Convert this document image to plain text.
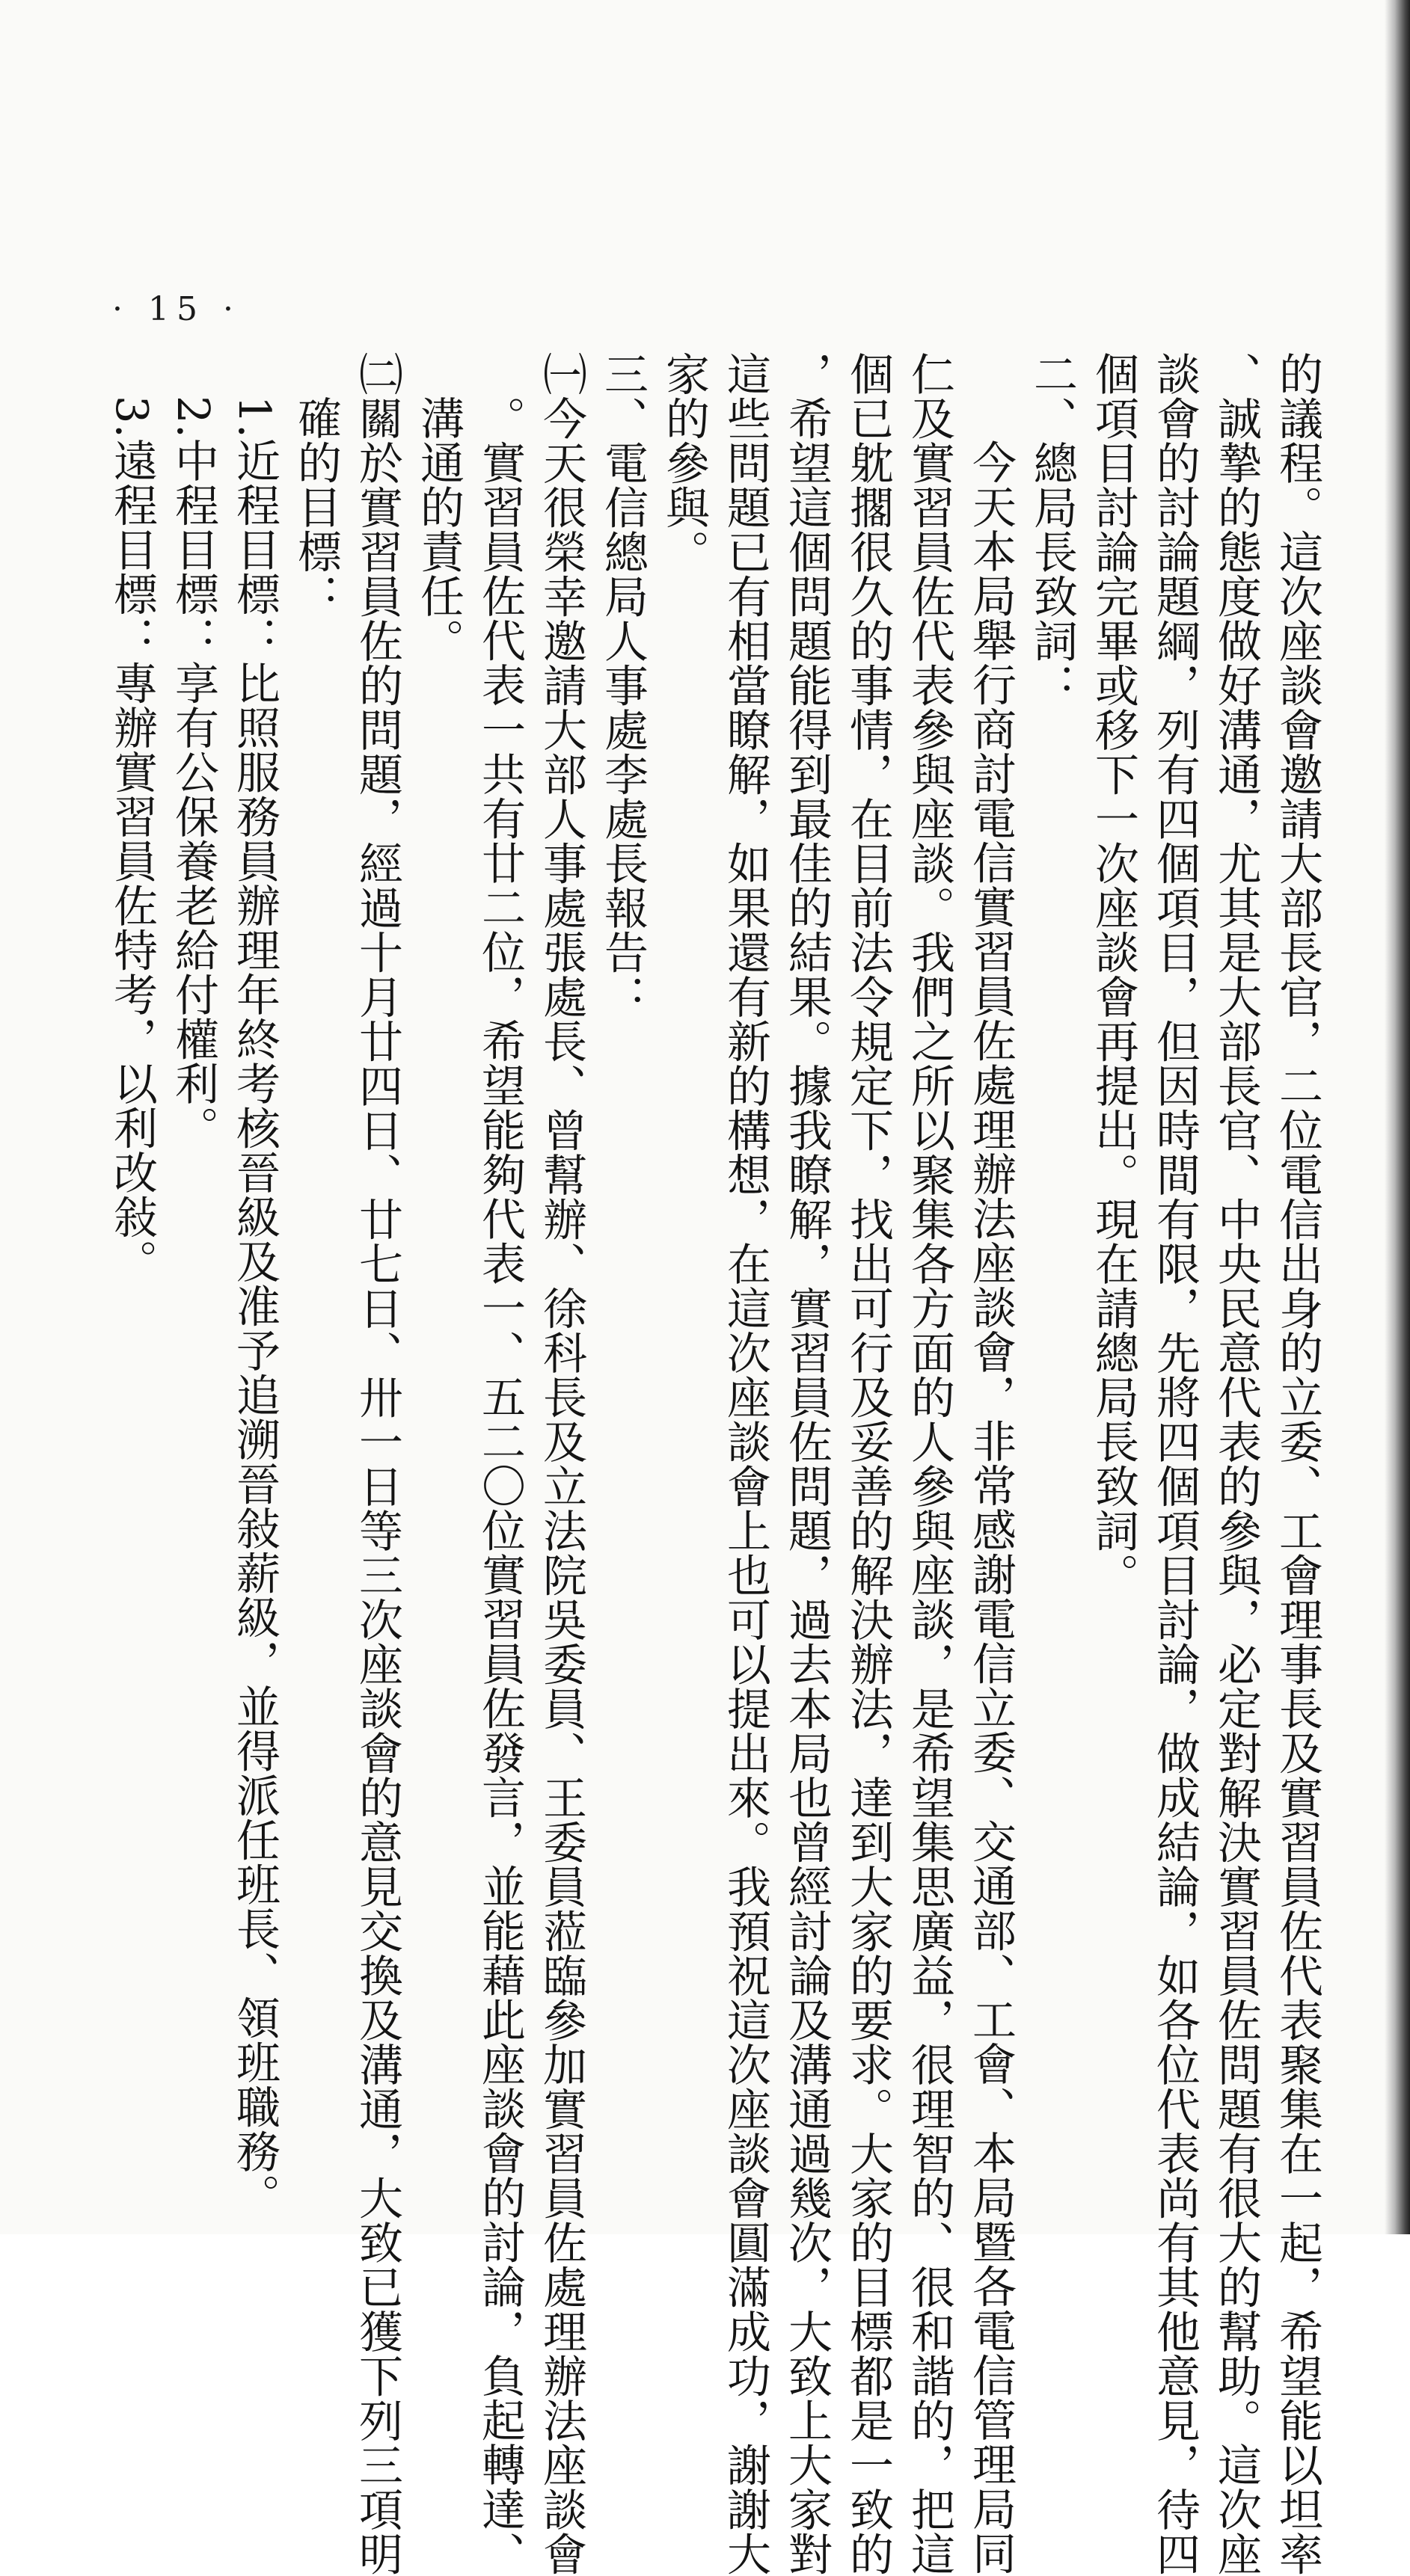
· 15 ·
的議程。這次座談會邀請大部長官，二位電信出身的立委、工會理事長及實習員佐代表聚集在一起，希望能以坦率
、誠摯的態度做好溝通，尤其是大部長官、中央民意代表的參與，必定對解決實習員佐問題有很大的幫助。這次座
談會的討論題綱，列有四個項目，但因時間有限，先將四個項目討論，做成結論，如各位代表尚有其他意見，待四
個項目討論完畢或移下一次座談會再提出。現在請總局長致詞。
二、總局長致詞：
今天本局舉行商討電信實習員佐處理辦法座談會，非常感謝電信立委、交通部、工會、本局暨各電信管理局同
仁及實習員佐代表參與座談。我們之所以聚集各方面的人參與座談，是希望集思廣益，很理智的、很和諧的，把這
個已躭擱很久的事情，在目前法令規定下，找出可行及妥善的解決辦法，達到大家的要求。大家的目標都是一致的
，希望這個問題能得到最佳的結果。據我瞭解，實習員佐問題，過去本局也曾經討論及溝通過幾次，大致上大家對
這些問題已有相當瞭解，如果還有新的構想，在這次座談會上也可以提出來。我預祝這次座談會圓滿成功，謝謝大
家的參與。
三、電信總局人事處李處長報告：
㈠今天很榮幸邀請大部人事處張處長、曾幫辦、徐科長及立法院吳委員、王委員蒞臨參加實習員佐處理辦法座談會
。實習員佐代表一共有廿二位，希望能夠代表一、五二〇位實習員佐發言，並能藉此座談會的討論，負起轉達、
溝通的責任。
㈡關於實習員佐的問題，經過十月廿四日、廿七日、卅一日等三次座談會的意見交換及溝通，大致已獲下列三項明
確的目標：
1.近程目標：比照服務員辦理年終考核晉級及准予追溯晉敍薪級，並得派任班長、領班職務。
2.中程目標：享有公保養老給付權利。
3.遠程目標：專辦實習員佐特考，以利改敍。
